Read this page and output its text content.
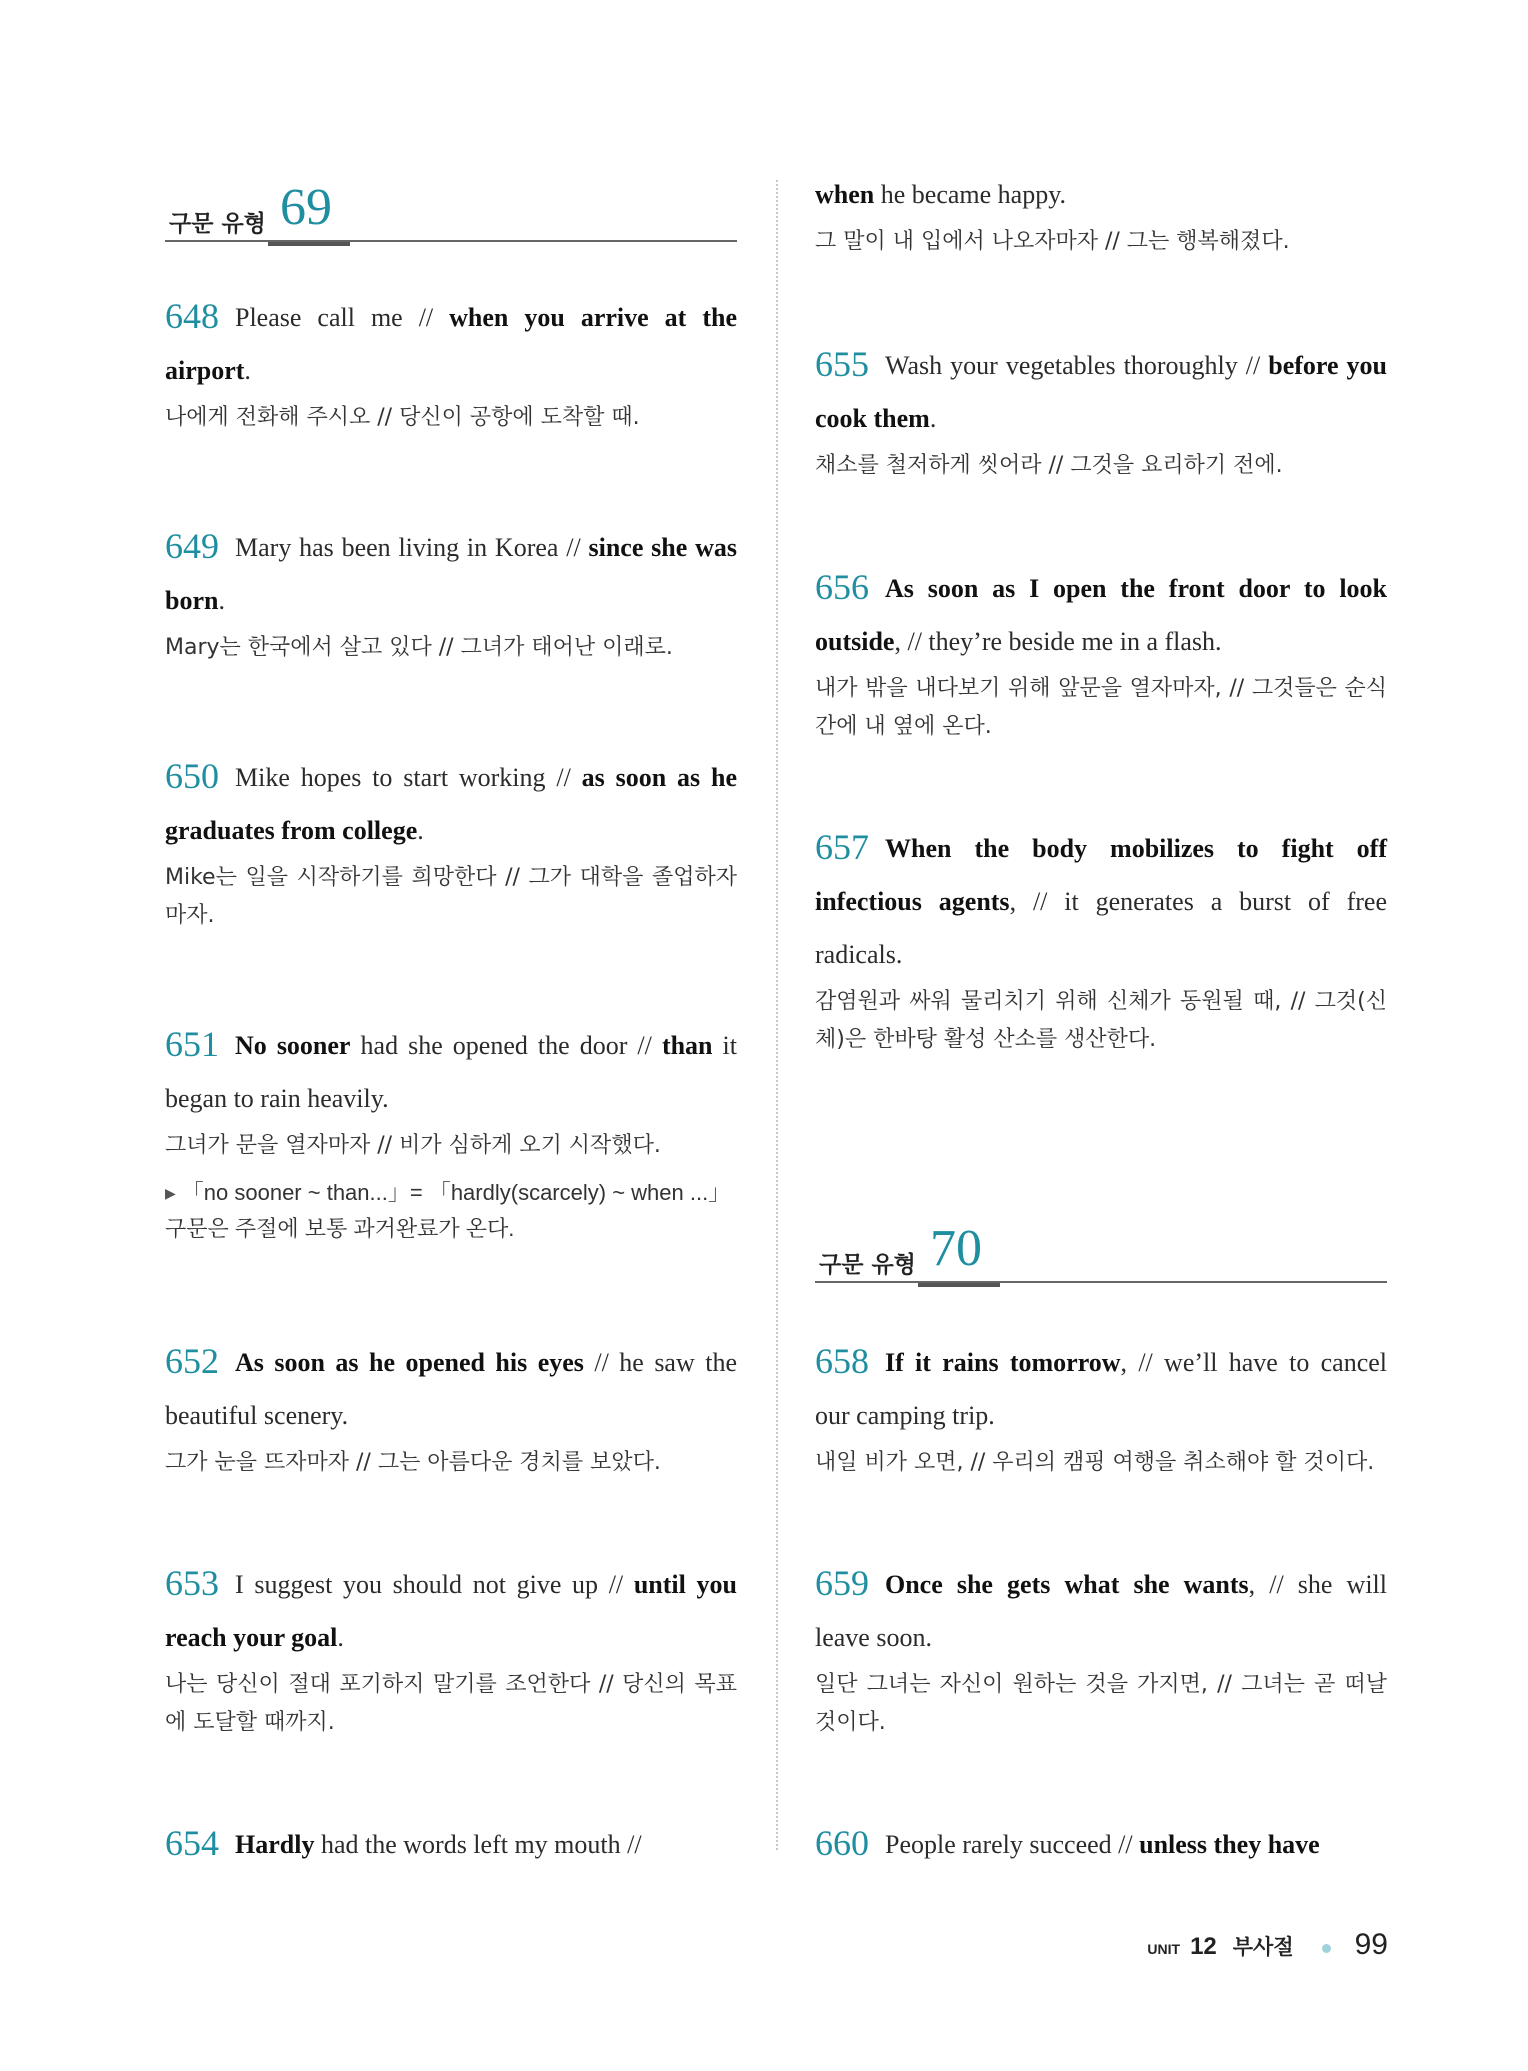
구문 유형 69
648 Please call me // when you arrive at the airport.
나에게 전화해 주시오 // 당신이 공항에 도착할 때.
649 Mary has been living in Korea // since she was born.
Mary는 한국에서 살고 있다 // 그녀가 태어난 이래로.
650 Mike hopes to start working // as soon as he graduates from college.
Mike는 일을 시작하기를 희망한다 // 그가 대학을 졸업하자마자.
651 No sooner had she opened the door // than it began to rain heavily.
그녀가 문을 열자마자 // 비가 심하게 오기 시작했다.
▶ 「no sooner ~ than...」= 「hardly(scarcely) ~ when ...」구문은 주절에 보통 과거완료가 온다.
652 As soon as he opened his eyes // he saw the beautiful scenery.
그가 눈을 뜨자마자 // 그는 아름다운 경치를 보았다.
653 I suggest you should not give up // until you reach your goal.
나는 당신이 절대 포기하지 말기를 조언한다 // 당신의 목표에 도달할 때까지.
654 Hardly had the words left my mouth //
when he became happy.
그 말이 내 입에서 나오자마자 // 그는 행복해졌다.
655 Wash your vegetables thoroughly // before you cook them.
채소를 철저하게 씻어라 // 그것을 요리하기 전에.
656 As soon as I open the front door to look outside, // they’re beside me in a flash.
내가 밖을 내다보기 위해 앞문을 열자마자, // 그것들은 순식간에 내 옆에 온다.
657 When the body mobilizes to fight off infectious agents, // it generates a burst of free radicals.
감염원과 싸워 물리치기 위해 신체가 동원될 때, // 그것(신체)은 한바탕 활성 산소를 생산한다.
구문 유형 70
658 If it rains tomorrow, // we’ll have to cancel our camping trip.
내일 비가 오면, // 우리의 캠핑 여행을 취소해야 할 것이다.
659 Once she gets what she wants, // she will leave soon.
일단 그녀는 자신이 원하는 것을 가지면, // 그녀는 곧 떠날 것이다.
660 People rarely succeed // unless they have
UNIT 12 부사절 99
